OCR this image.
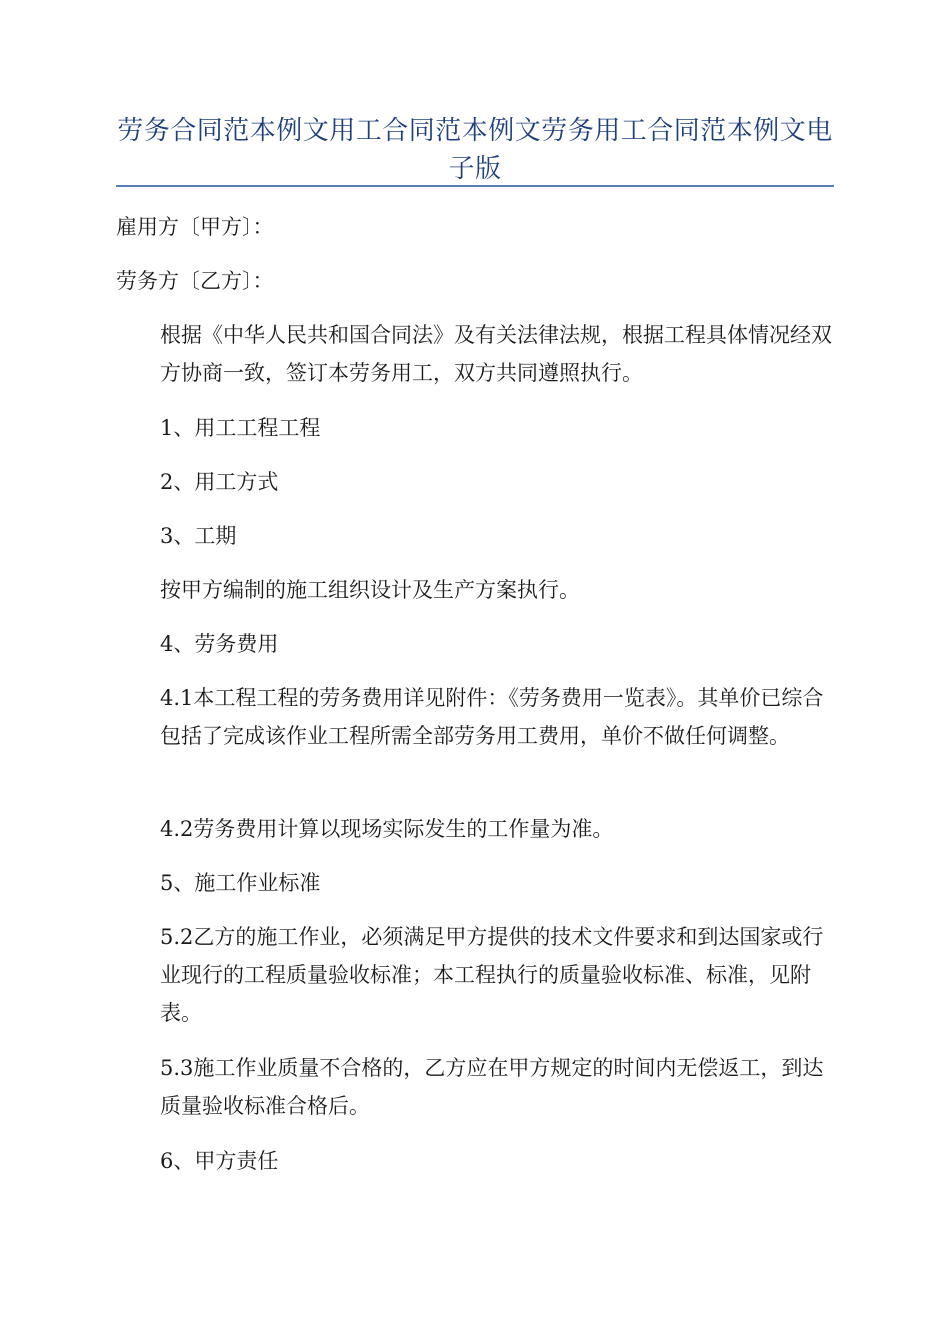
劳务合同范本例文用工合同范本例文劳务用工合同范本例文电子版

雇用方〔甲方〕：

劳务方〔乙方〕：

根据《中华人民共和国合同法》及有关法律法规，根据工程具体情况经双方协商一致，签订本劳务用工，双方共同遵照执行。

1、用工工程工程

2、用工方式

3、工期

按甲方编制的施工组织设计及生产方案执行。

4、劳务费用

4.1本工程工程的劳务费用详见附件：《劳务费用一览表》。其单价已综合包括了完成该作业工程所需全部劳务用工费用，单价不做任何调整。

4.2劳务费用计算以现场实际发生的工作量为准。

5、施工作业标准

5.2乙方的施工作业，必须满足甲方提供的技术文件要求和到达国家或行业现行的工程质量验收标准；本工程执行的质量验收标准、标准，见附表。

5.3施工作业质量不合格的，乙方应在甲方规定的时间内无偿返工，到达质量验收标准合格后。

6、甲方责任
